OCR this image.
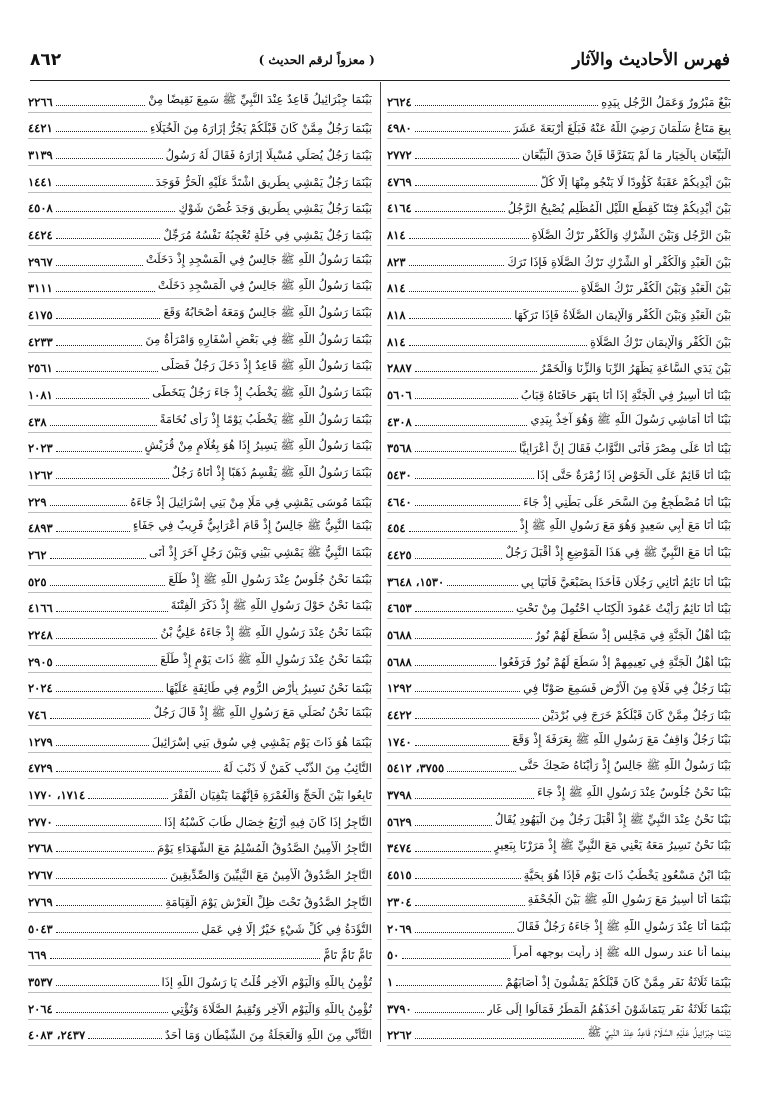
فهرس الأحاديث والآثار
( معزواً لرقم الحديث )
٨٦٢
بَيْعٌ مَبْرُورٌ وَعَمَلُ الرَّجُلِ بِيَدِهِ
٢٦٢٤
بِيعَ مَتَاعُ سَلْمَانَ رَضِيَ اللَّهُ عَنْهُ فَبَلَغَ أَرْبَعَةَ عَشَرَ
٤٩٨٠
الْبَيِّعَانِ بِالْخِيَارِ مَا لَمْ يَتَفَرَّقَا فَإِنْ صَدَقَ الْبَيِّعَانِ
٢٧٧٢
بَيْنَ أَيْدِيكُمْ عَقَبَةٌ كَؤُودًا لَا يَنْجُو مِنْهَا إِلَّا كُلُّ
٤٧٦٩
بَيْنَ أَيْدِيكُمْ فِتَنًا كَقِطَعِ اللَّيْلِ الْمُظْلِمِ يُصْبِحُ الرَّجُلُ
٤١٦٤
بَيْنَ الرَّجُلِ وَبَيْنَ الشِّرْكِ وَالْكُفْرِ تَرْكُ الصَّلَاةِ
٨١٤
بَيْنَ الْعَبْدِ وَالْكُفْرِ أَوِ الشِّرْكِ تَرْكُ الصَّلَاةِ فَإِذَا تَرَكَ
٨٢٣
بَيْنَ الْعَبْدِ وَبَيْنَ الْكُفْرِ تَرْكُ الصَّلَاةِ
٨١٤
بَيْنَ الْعَبْدِ وَبَيْنَ الْكُفْرِ وَالْإِيمَانِ الصَّلَاةُ فَإِذَا تَرَكَهَا
٨١٨
بَيْنَ الْكُفْرِ وَالْإِيمَانِ تَرْكُ الصَّلَاةِ
٨١٤
بَيْنَ يَدَيِ السَّاعَةِ يَظْهَرُ الرِّبَا وَالزِّنَا وَالْخَمْرُ
٢٨٨٧
بَيْنَا أَنَا أَسِيرُ فِي الْجَنَّةِ إِذَا أَنَا بِنَهَرٍ حَافَتَاهُ قِبَابُ
٥٦٠٦
بَيْنَا أَنَا أُمَاشِي رَسُولَ اللَّهِ ﷺ وَهُوَ آخِذٌ بِيَدِي
٤٣٠٨
بَيْنَا أَنَا عَلَى مِصْرَ فَأَتَى النَّوَّابُ فَقَالَ إِنَّ أَعْرَابِيًّا
٣٥٦٨
بَيْنَا أَنَا قَائِمٌ عَلَى الْحَوْضِ إِذَا زُمْرَةٌ حَتَّى إِذَا
٥٤٣٠
بَيْنَا أَنَا مُضْطَجِعٌ مِنَ السَّحَرِ عَلَى بَطْنِي إِذْ جَاءَ
٤٦٤٠
بَيْنَا أَنَا مَعَ أَبِي سَعِيدٍ وَهُوَ مَعَ رَسُولِ اللَّهِ ﷺ إِذْ
٤٥٤
بَيْنَا أَنَا مَعَ النَّبِيِّ ﷺ فِي هَذَا الْمَوْضِعِ إِذْ أَقْبَلَ رَجُلٌ
٤٤٢٥
بَيْنَا أَنَا نَائِمٌ أَتَانِي رَجُلَانِ فَأَخَذَا بِضَبْعَيَّ فَأَتَيَا بِي
١٥٣٠، ٣٦٤٨
بَيْنَا أَنَا نَائِمٌ رَأَيْتُ عَمُودَ الْكِتَابِ احْتُمِلَ مِنْ تَحْتِ
٤٦٥٣
بَيْنَا أَهْلُ الْجَنَّةِ فِي مَجْلِسٍ إِذْ سَطَعَ لَهُمْ نُورٌ
٥٦٨٨
بَيْنَا أَهْلُ الْجَنَّةِ فِي نَعِيمِهِمْ إِذْ سَطَعَ لَهُمْ نُورٌ فَرَفَعُوا
٥٦٨٨
بَيْنَا رَجُلٌ فِي فَلَاةٍ مِنَ الْأَرْضِ فَسَمِعَ صَوْتًا فِي
١٢٩٢
بَيْنَا رَجُلٌ مِمَّنْ كَانَ قَبْلَكُمْ خَرَجَ فِي بُرْدَيْنِ
٤٤٢٢
بَيْنَا رَجُلٌ وَاقِفٌ مَعَ رَسُولِ اللَّهِ ﷺ بِعَرَفَةَ إِذْ وَقَعَ
١٧٤٠
بَيْنَا رَسُولُ اللَّهِ ﷺ جَالِسٌ إِذْ رَأَيْنَاهُ ضَحِكَ حَتَّى
٣٧٥٥، ٥٤١٢
بَيْنَا نَحْنُ جُلُوسٌ عِنْدَ رَسُولِ اللَّهِ ﷺ إِذْ جَاءَ
٣٧٩٨
بَيْنَا نَحْنُ عِنْدَ النَّبِيِّ ﷺ إِذْ أَقْبَلَ رَجُلٌ مِنَ الْيَهُودِ يُقَالُ
٥٦٢٩
بَيْنَا نَحْنُ نَسِيرُ مَعَهُ يَعْنِي مَعَ النَّبِيِّ ﷺ إِذْ مَرَرْنَا بِبَعِيرٍ
٣٤٧٤
بَيْنَا ابْنُ مَسْعُودٍ يَخْطُبُ ذَاتَ يَوْمٍ فَإِذَا هُوَ بِحَيَّةٍ
٤٥١٥
بَيْنَمَا أَنَا أَسِيرُ مَعَ رَسُولِ اللَّهِ ﷺ بَيْنَ الْجُحْفَةِ
٢٣٠٤
بَيْنَمَا أَنَا عِنْدَ رَسُولِ اللَّهِ ﷺ إِذْ جَاءَهُ رَجُلٌ فَقَالَ
٢٠٦٩
بينما أنا عند رسول الله ﷺ إذ رأيت بوجهه أمراً
٥٠
بَيْنَمَا ثَلَاثَةُ نَفَرٍ مِمَّنْ كَانَ قَبْلَكُمْ يَمْشُونَ إِذْ أَصَابَهُمْ
١
بَيْنَمَا ثَلَاثَةُ نَفَرٍ يَتَمَاشَوْنَ أَخَذَهُمُ الْمَطَرُ فَمَالُوا إِلَى غَارٍ
٣٧٩٠
بَيْنَمَا جِبْرَائِيلُ عَلَيْهِ السَّلَامُ قَاعِدٌ عِنْدَ النَّبِيِّ ﷺ
٢٢٦٢
بَيْنَمَا جِبْرَائِيلُ قَاعِدٌ عِنْدَ النَّبِيِّ ﷺ سَمِعَ نَقِيضًا مِنْ
٢٢٦٦
بَيْنَمَا رَجُلٌ مِمَّنْ كَانَ قَبْلَكُمْ يَجُرُّ إِزَارَهُ مِنَ الْخُيَلَاءِ
٤٤٢١
بَيْنَمَا رَجُلٌ يُصَلِّي مُسْبِلًا إِزَارَهُ فَقَالَ لَهُ رَسُولُ
٣١٣٩
بَيْنَمَا رَجُلٌ يَمْشِي بِطَرِيقٍ اشْتَدَّ عَلَيْهِ الْحَرُّ فَوَجَدَ
١٤٤١
بَيْنَمَا رَجُلٌ يَمْشِي بِطَرِيقٍ وَجَدَ غُصْنَ شَوْكٍ
٤٥٠٨
بَيْنَمَا رَجُلٌ يَمْشِي فِي حُلَّةٍ تُعْجِبُهُ نَفْسُهُ مُرَجِّلٌ
٤٤٢٤
بَيْنَمَا رَسُولُ اللَّهِ ﷺ جَالِسٌ فِي الْمَسْجِدِ إِذْ دَخَلَتْ
٢٩٦٧
بَيْنَمَا رَسُولُ اللَّهِ ﷺ جَالِسٌ فِي الْمَسْجِدِ دَخَلَتْ
٣١١١
بَيْنَمَا رَسُولُ اللَّهِ ﷺ جَالِسٌ وَمَعَهُ أَصْحَابُهُ وَقَعَ
٤١٧٥
بَيْنَمَا رَسُولُ اللَّهِ ﷺ فِي بَعْضِ أَسْفَارِهِ وَامْرَأَةٌ مِنَ
٤٢٣٣
بَيْنَمَا رَسُولُ اللَّهِ ﷺ قَاعِدٌ إِذْ دَخَلَ رَجُلٌ فَصَلَّى
٢٥٦١
بَيْنَمَا رَسُولُ اللَّهِ ﷺ يَخْطُبُ إِذْ جَاءَ رَجُلٌ يَتَخَطَّى
١٠٨١
بَيْنَمَا رَسُولُ اللَّهِ ﷺ يَخْطُبُ يَوْمًا إِذْ رَأَى نُخَامَةً
٤٣٨
بَيْنَمَا رَسُولُ اللَّهِ ﷺ يَسِيرُ إِذَا هُوَ بِغُلَامٍ مِنْ قُرَيْشٍ
٢٠٢٣
بَيْنَمَا رَسُولُ اللَّهِ ﷺ يَقْسِمُ ذَهَبًا إِذْ أَتَاهُ رَجُلٌ
١٢٦٢
بَيْنَمَا مُوسَى يَمْشِي فِي مَلَإٍ مِنْ بَنِي إِسْرَائِيلَ إِذْ جَاءَهُ
٢٢٩
بَيْنَمَا النَّبِيُّ ﷺ جَالِسٌ إِذْ قَامَ أَعْرَابِيٌّ فَرِيبٌ فِي جَفَاءٍ
٤٨٩٣
بَيْنَمَا النَّبِيُّ ﷺ يَمْشِي بَيْنِي وَبَيْنَ رَجُلٍ آخَرَ إِذْ أَتَى
٢٦٢
بَيْنَمَا نَحْنُ جُلُوسٌ عِنْدَ رَسُولِ اللَّهِ ﷺ إِذْ طَلَعَ
٥٢٥
بَيْنَمَا نَحْنُ حَوْلَ رَسُولِ اللَّهِ ﷺ إِذْ ذَكَرَ الْفِتْنَةَ
٤١٦٦
بَيْنَمَا نَحْنُ عِنْدَ رَسُولِ اللَّهِ ﷺ إِذْ جَاءَهُ عَلِيُّ بْنُ
٢٢٤٨
بَيْنَمَا نَحْنُ عِنْدَ رَسُولِ اللَّهِ ﷺ ذَاتَ يَوْمٍ إِذْ طَلَعَ
٢٩٠٥
بَيْنَمَا نَحْنُ نَسِيرُ بِأَرْضِ الرُّومِ فِي طَائِفَةٍ عَلَيْهَا
٢٠٢٤
بَيْنَمَا نَحْنُ نُصَلِّي مَعَ رَسُولِ اللَّهِ ﷺ إِذْ قَالَ رَجُلٌ
٧٤٦
بَيْنَمَا هُوَ ذَاتَ يَوْمٍ يَمْشِي فِي سُوقِ بَنِي إِسْرَائِيلَ
١٢٧٩
التَّائِبُ مِنَ الذَّنْبِ كَمَنْ لَا ذَنْبَ لَهُ
٤٧٢٩
تَابِعُوا بَيْنَ الْحَجِّ وَالْعُمْرَةِ فَإِنَّهُمَا يَنْفِيَانِ الْفَقْرَ
١٧١٤، ١٧٧٠
التَّاجِرُ إِذَا كَانَ فِيهِ أَرْبَعُ خِصَالٍ طَابَ كَسْبُهُ إِذَا
٢٧٧٠
التَّاجِرُ الْأَمِينُ الصَّدُوقُ الْمُسْلِمُ مَعَ الشُّهَدَاءِ يَوْمَ
٢٧٦٨
التَّاجِرُ الصَّدُوقُ الْأَمِينُ مَعَ النَّبِيِّينَ وَالصِّدِّيقِينَ
٢٧٦٧
التَّاجِرُ الصَّدُوقُ تَحْتَ ظِلِّ الْعَرْشِ يَوْمَ الْقِيَامَةِ
٢٧٦٩
التُّؤَدَةُ فِي كُلِّ شَيْءٍ خَيْرٌ إِلَّا فِي عَمَلٍ
٥٠٤٣
تَامٌّ تَامٌّ تَامٌّ
٦٦٩
تُؤْمِنُ بِاللَّهِ وَالْيَوْمِ الْآخِرِ قُلْتُ يَا رَسُولَ اللَّهِ إِذَا
٣٥٣٧
تُؤْمِنُ بِاللَّهِ وَالْيَوْمِ الْآخِرِ وَتُقِيمُ الصَّلَاةَ وَتُؤْتِي
٢٠٦٤
التَّأَنِّي مِنَ اللَّهِ وَالْعَجَلَةُ مِنَ الشَّيْطَانِ وَمَا أَحَدٌ
٢٤٣٧، ٤٠٨٣
